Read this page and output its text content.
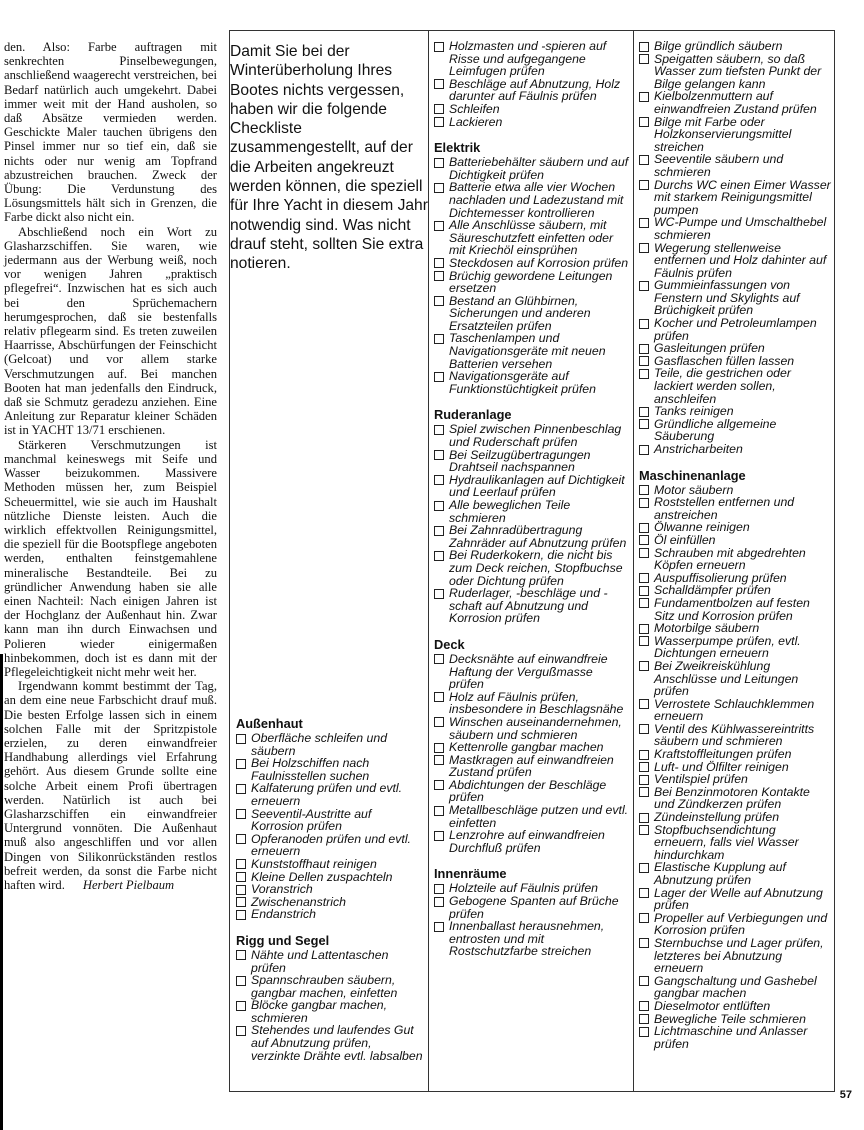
den. Also: Farbe auftragen mit senkrechten Pinselbewegungen, anschließend waagerecht verstreichen, bei Bedarf natürlich auch umgekehrt. Dabei immer weit mit der Hand ausholen, so daß Absätze vermieden werden. Geschickte Maler tauchen übrigens den Pinsel immer nur so tief ein, daß sie nichts oder nur wenig am Topfrand abzustreichen brauchen. Zweck der Übung: Die Verdunstung des Lösungsmittels hält sich in Grenzen, die Farbe dickt also nicht ein.

Abschließend noch ein Wort zu Glasharzschiffen. Sie waren, wie jedermann aus der Werbung weiß, noch vor wenigen Jahren „praktisch pflegefrei“. Inzwischen hat es sich auch bei den Sprüchemachern herumgesprochen, daß sie bestenfalls relativ pflegearm sind. Es treten zuweilen Haarrisse, Abschürfungen der Feinschicht (Gelcoat) und vor allem starke Verschmutzungen auf. Bei manchen Booten hat man jedenfalls den Eindruck, daß sie Schmutz geradezu anziehen. Eine Anleitung zur Reparatur kleiner Schäden ist in YACHT 13/71 erschienen.

Stärkeren Verschmutzungen ist manchmal keineswegs mit Seife und Wasser beizukommen. Massivere Methoden müssen her, zum Beispiel Scheuermittel, wie sie auch im Haushalt nützliche Dienste leisten. Auch die wirklich effektvollen Reinigungsmittel, die speziell für die Bootspflege angeboten werden, enthalten feinstgemahlene mineralische Bestandteile. Bei zu gründlicher Anwendung haben sie alle einen Nachteil: Nach einigen Jahren ist der Hochglanz der Außenhaut hin. Zwar kann man ihn durch Einwachsen und Polieren wieder einigermaßen hinbekommen, doch ist es dann mit der Pflegeleichtigkeit nicht mehr weit her.

Irgendwann kommt bestimmt der Tag, an dem eine neue Farbschicht drauf muß. Die besten Erfolge lassen sich in einem solchen Falle mit der Spritzpistole erzielen, zu deren einwandfreier Handhabung allerdings viel Erfahrung gehört. Aus diesem Grunde sollte eine solche Arbeit einem Profi übertragen werden. Natürlich ist auch bei Glasharzschiffen ein einwandfreier Untergrund vonnöten. Die Außenhaut muß also angeschliffen und vor allen Dingen von Silikonrückständen restlos befreit werden, da sonst die Farbe nicht haften wird. Herbert Pielbaum

Damit Sie bei der Winterüberholung Ihres Bootes nichts vergessen, haben wir die folgende Checkliste zusammengestellt, auf der die Arbeiten angekreuzt werden können, die speziell für Ihre Yacht in diesem Jahr notwendig sind. Was nicht drauf steht, sollten Sie extra notieren.
Außenhaut
Oberfläche schleifen und säubern
Bei Holzschiffen nach Faulnisstellen suchen
Kalfaterung prüfen und evtl. erneuern
Seeventil-Austritte auf Korrosion prüfen
Opferanoden prüfen und evtl. erneuern
Kunststoffhaut reinigen
Kleine Dellen zuspachteln
Voranstrich
Zwischenanstrich
Endanstrich
Rigg und Segel
Nähte und Lattentaschen prüfen
Spannschrauben säubern, gangbar machen, einfetten
Blöcke gangbar machen, schmieren
Stehendes und laufendes Gut auf Abnutzung prüfen, verzinkte Drähte evtl. labsalben
Holzmasten und -spieren auf Risse und aufgegangene Leimfugen prüfen
Beschläge auf Abnutzung, Holz darunter auf Fäulnis prüfen
Schleifen
Lackieren
Elektrik
Batteriebehälter säubern und auf Dichtigkeit prüfen
Batterie etwa alle vier Wochen nachladen und Ladezustand mit Dichtemesser kontrollieren
Alle Anschlüsse säubern, mit Säureschutzfett einfetten oder mit Kriechöl einsprühen
Steckdosen auf Korrosion prüfen
Brüchig gewordene Leitungen ersetzen
Bestand an Glühbirnen, Sicherungen und anderen Ersatzteilen prüfen
Taschenlampen und Navigationsgeräte mit neuen Batterien versehen
Navigationsgeräte auf Funktionstüchtigkeit prüfen
Ruderanlage
Spiel zwischen Pinnenbeschlag und Ruderschaft prüfen
Bei Seilzugübertragungen Drahtseil nachspannen
Hydraulikanlagen auf Dichtigkeit und Leerlauf prüfen
Alle beweglichen Teile schmieren
Bei Zahnradübertragung Zahnräder auf Abnutzung prüfen
Bei Ruderkokern, die nicht bis zum Deck reichen, Stopfbuchse oder Dichtung prüfen
Ruderlager, -beschläge und -schaft auf Abnutzung und Korrosion prüfen
Deck
Decksnähte auf einwandfreie Haftung der Vergußmasse prüfen
Holz auf Fäulnis prüfen, insbesondere in Beschlagsnähe
Winschen auseinandernehmen, säubern und schmieren
Kettenrolle gangbar machen
Mastkragen auf einwandfreien Zustand prüfen
Abdichtungen der Beschläge prüfen
Metallbeschläge putzen und evtl. einfetten
Lenzrohre auf einwandfreien Durchfluß prüfen
Innenräume
Holzteile auf Fäulnis prüfen
Gebogene Spanten auf Brüche prüfen
Innenballast herausnehmen, entrosten und mit Rostschutzfarbe streichen
Bilge gründlich säubern
Speigatten säubern, so daß Wasser zum tiefsten Punkt der Bilge gelangen kann
Kielbolzenmuttern auf einwandfreien Zustand prüfen
Bilge mit Farbe oder Holzkonservierungsmittel streichen
Seeventile säubern und schmieren
Durchs WC einen Eimer Wasser mit starkem Reinigungsmittel pumpen
WC-Pumpe und Umschalthebel schmieren
Wegerung stellenweise entfernen und Holz dahinter auf Fäulnis prüfen
Gummieinfassungen von Fenstern und Skylights auf Brüchigkeit prüfen
Kocher und Petroleumlampen prüfen
Gasleitungen prüfen
Gasflaschen füllen lassen
Teile, die gestrichen oder lackiert werden sollen, anschleifen
Tanks reinigen
Gründliche allgemeine Säuberung
Anstricharbeiten
Maschinenanlage
Motor säubern
Roststellen entfernen und anstreichen
Ölwanne reinigen
Öl einfüllen
Schrauben mit abgedrehten Köpfen erneuern
Auspuffisolierung prüfen
Schalldämpfer prüfen
Fundamentbolzen auf festen Sitz und Korrosion prüfen
Motorbilge säubern
Wasserpumpe prüfen, evtl. Dichtungen erneuern
Bei Zweikreiskühlung Anschlüsse und Leitungen prüfen
Verrostete Schlauchklemmen erneuern
Ventil des Kühlwassereintritts säubern und schmieren
Kraftstoffleitungen prüfen
Luft- und Ölfilter reinigen
Ventilspiel prüfen
Bei Benzinmotoren Kontakte und Zündkerzen prüfen
Zündeinstellung prüfen
Stopfbuchsendichtung erneuern, falls viel Wasser hindurchkam
Elastische Kupplung auf Abnutzung prüfen
Lager der Welle auf Abnutzung prüfen
Propeller auf Verbiegungen und Korrosion prüfen
Sternbuchse und Lager prüfen, letzteres bei Abnutzung erneuern
Gangschaltung und Gashebel gangbar machen
Dieselmotor entlüften
Bewegliche Teile schmieren
Lichtmaschine und Anlasser prüfen
57
